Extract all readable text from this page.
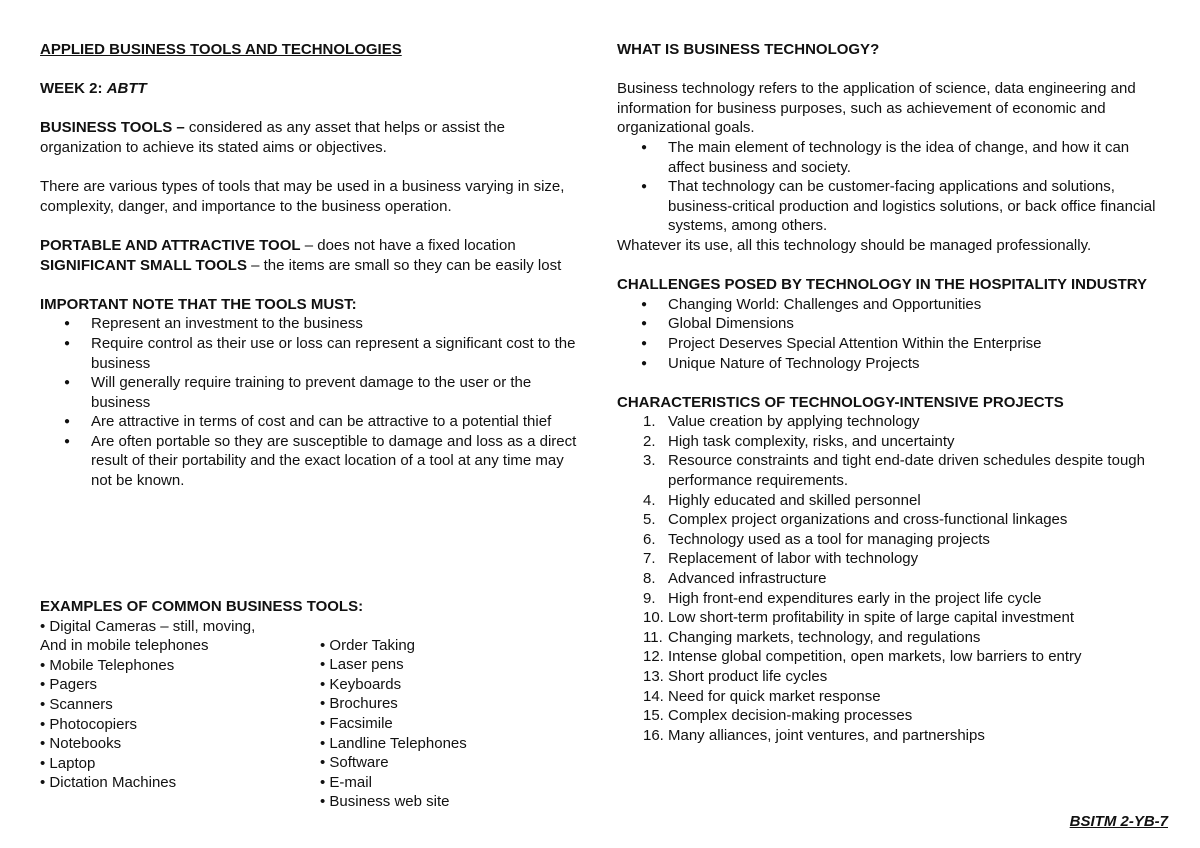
APPLIED BUSINESS TOOLS AND TECHNOLOGIES

WEEK 2: ABTT

BUSINESS TOOLS – considered as any asset that helps or assist the organization to achieve its stated aims or objectives.

There are various types of tools that may be used in a business varying in size, complexity, danger, and importance to the business operation.

PORTABLE AND ATTRACTIVE TOOL – does not have a fixed location

SIGNIFICANT SMALL TOOLS – the items are small so they can be easily lost

IMPORTANT NOTE THAT THE TOOLS MUST:

● Represent an investment to the business
● Require control as their use or loss can represent a significant cost to the business
● Will generally require training to prevent damage to the user or the business
● Are attractive in terms of cost and can be attractive to a potential thief
● Are often portable so they are susceptible to damage and loss as a direct result of their portability and the exact location of a tool at any time may not be known.

EXAMPLES OF COMMON BUSINESS TOOLS:

• Digital Cameras – still, moving,

And in mobile telephones

• Mobile Telephones

• Pagers

• Scanners

• Photocopiers

• Notebooks

• Laptop

• Dictation Machines

• Order Taking

• Laser pens

• Keyboards

• Brochures

• Facsimile

• Landline Telephones

• Software

• E-mail

• Business web site

WHAT IS BUSINESS TECHNOLOGY?

Business technology refers to the application of science, data engineering and information for business purposes, such as achievement of economic and organizational goals.

● The main element of technology is the idea of change, and how it can affect business and society.
● That technology can be customer-facing applications and solutions, business-critical production and logistics solutions, or back office financial systems, among others.

Whatever its use, all this technology should be managed professionally.

CHALLENGES POSED BY TECHNOLOGY IN THE HOSPITALITY INDUSTRY

● Changing World: Challenges and Opportunities
● Global Dimensions
● Project Deserves Special Attention Within the Enterprise
● Unique Nature of Technology Projects

CHARACTERISTICS OF TECHNOLOGY-INTENSIVE PROJECTS

1. Value creation by applying technology
2. High task complexity, risks, and uncertainty
3. Resource constraints and tight end-date driven schedules despite tough performance requirements.
4. Highly educated and skilled personnel
5. Complex project organizations and cross-functional linkages
6. Technology used as a tool for managing projects
7. Replacement of labor with technology
8. Advanced infrastructure
9. High front-end expenditures early in the project life cycle
10. Low short-term profitability in spite of large capital investment
11. Changing markets, technology, and regulations
12. Intense global competition, open markets, low barriers to entry
13. Short product life cycles
14. Need for quick market response
15. Complex decision-making processes
16. Many alliances, joint ventures, and partnerships
BSITM 2-YB-7
